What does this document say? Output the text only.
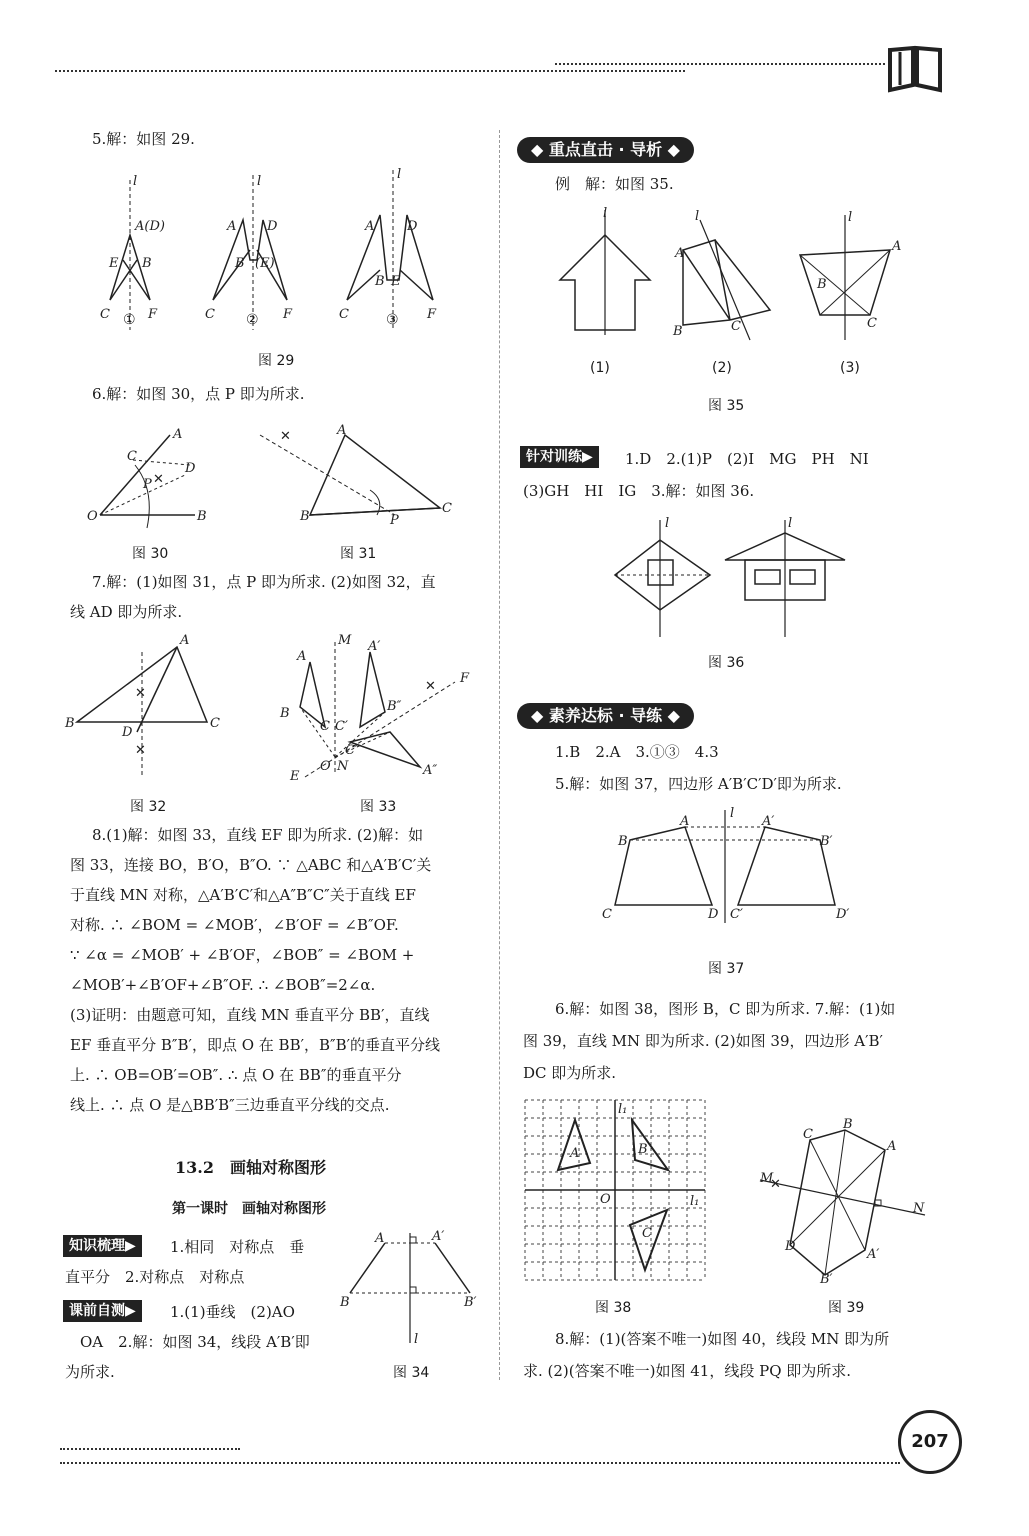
5.解：如图 29.
l
A(D)
E B
C	F
l
A D
B (E)
C	F
l
A	D
B E
C	F
①	②	③
图 29
6.解：如图 30，点 P 即为所求.
O	B
A
C
D
P ✕
图 30
✕	A
B
C
P
图 31
7.解：(1)如图 31，点 P 即为所求. (2)如图 32，直
线 AD 即为所求.
✕
✕
B
A
C
D
图 32
✕
M
A
A′
B
C C′
B″
C″
A″
E
O N
F
图 33
8.(1)解：如图 33，直线 EF 即为所求. (2)解：如
图 33，连接 BO，B′O，B″O. ∵ △ABC 和△A′B′C′关
于直线 MN 对称，△A′B′C′和△A″B″C″关于直线 EF
对称. ∴ ∠BOM = ∠MOB′，∠B′OF = ∠B″OF.
∵ ∠α = ∠MOB′ + ∠B′OF，∠BOB″ = ∠BOM +
∠MOB′+∠B′OF+∠B″OF. ∴ ∠BOB″=2∠α.
(3)证明：由题意可知，直线 MN 垂直平分 BB′，直线
EF 垂直平分 B″B′，即点 O 在 BB′，B″B′的垂直平分线
上. ∴ OB=OB′=OB″. ∴ 点 O 在 BB″的垂直平分
线上. ∴ 点 O 是△BB′B″三边垂直平分线的交点.
13.2　画轴对称图形
第一课时　画轴对称图形
知识梳理▶	1.相同　对称点　垂
直平分　2.对称点　对称点
课前自测▶	1.(1)垂线　(2)AO
OA　2.解：如图 34，线段 A′B′即
为所求.
A	A′
B	B′
l
图 34
◆ 重点直击 · 导析 ◆
例　解：如图 35.
l
A
B	C
l
A
B
C
l
(1)	(2)	(3)
图 35
针对训练▶	1.D　2.(1)P　(2)I　MG　PH　NI
(3)GH　HI　IG　3.解：如图 36.
l	l
图 36
◆ 素养达标 · 导练 ◆
1.B　2.A　3.①③　4.3
5.解：如图 37，四边形 A′B′C′D′即为所求.
B
A	A′
B′
C	D C′	D′
l
图 37
6.解：如图 38，图形 B，C 即为所求. 7.解：(1)如
图 39，直线 MN 即为所求. (2)如图 39，四边形 A′B′
DC 即为所求.
A	B
C
O	l₁
l₁
图 38
✕
C
B
A
M
N
D
A′
B′
图 39
8.解：(1)(答案不唯一)如图 40，线段 MN 即为所
求. (2)(答案不唯一)如图 41，线段 PQ 即为所求.
207
